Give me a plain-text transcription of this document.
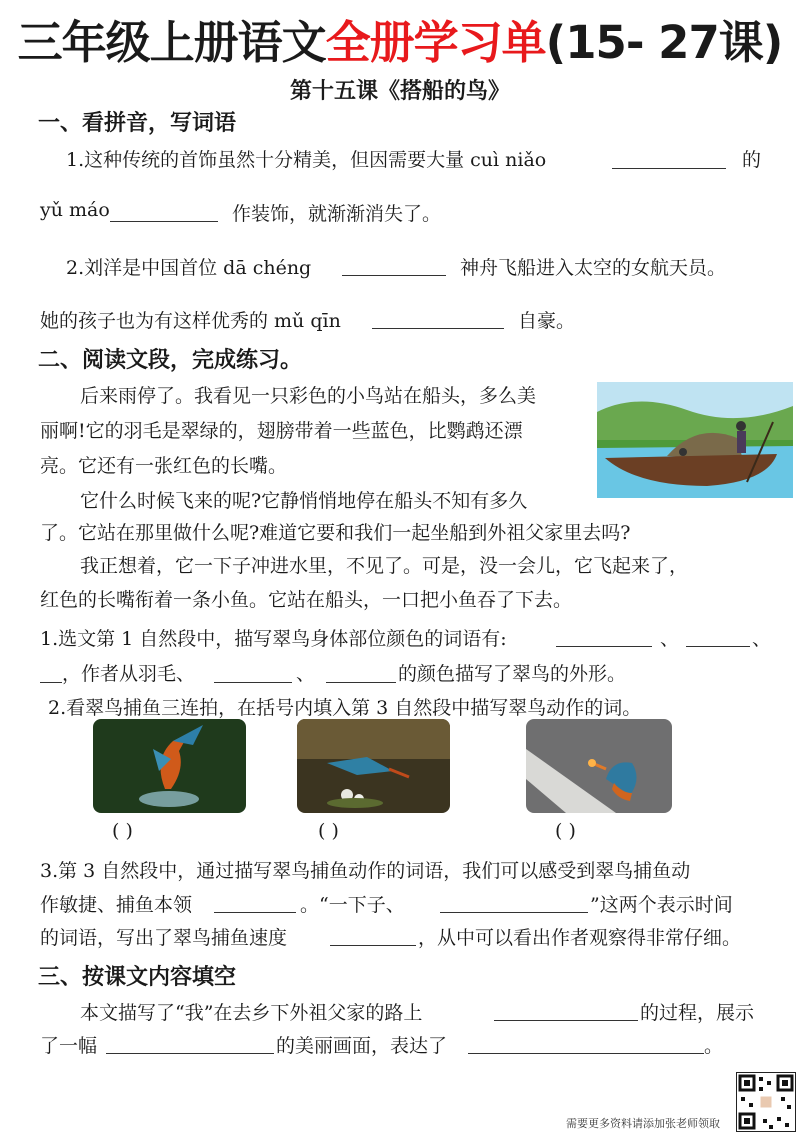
三年级上册语文全册学习单(15- 27课)
第十五课《搭船的鸟》
一、看拼音，写词语
1.这种传统的首饰虽然十分精美，但因需要大量 cuì niǎo	的
yǔ máo	作装饰，就渐渐消失了。
2.刘洋是中国首位 dā chéng	神舟飞船进入太空的女航天员。
她的孩子也为有这样优秀的 mǔ qīn	自豪。
二、阅读文段，完成练习。
后来雨停了。我看见一只彩色的小鸟站在船头，多么美
丽啊!它的羽毛是翠绿的，翅膀带着一些蓝色，比鹦鹉还漂
亮。它还有一张红色的长嘴。
它什么时候飞来的呢?它静悄悄地停在船头不知有多久
了。它站在那里做什么呢?难道它要和我们一起坐船到外祖父家里去吗?
我正想着，它一下子冲进水里，不见了。可是，没一会儿，它飞起来了，
红色的长嘴衔着一条小鱼。它站在船头，一口把小鱼吞了下去。
1.选文第 1 自然段中，描写翠鸟身体部位颜色的词语有:	、	、
，作者从羽毛、	、	的颜色描写了翠鸟的外形。
2.看翠鸟捕鱼三连拍，在括号内填入第 3 自然段中描写翠鸟动作的词。
( )	( )	( )
3.第 3 自然段中，通过描写翠鸟捕鱼动作的词语，我们可以感受到翠鸟捕鱼动
作敏捷、捕鱼本领	。“一下子、	”这两个表示时间
的词语，写出了翠鸟捕鱼速度	，从中可以看出作者观察得非常仔细。
三、按课文内容填空
本文描写了“我”在去乡下外祖父家的路上	的过程，展示
了一幅	的美丽画面，表达了	。
需要更多资料请添加张老师领取
